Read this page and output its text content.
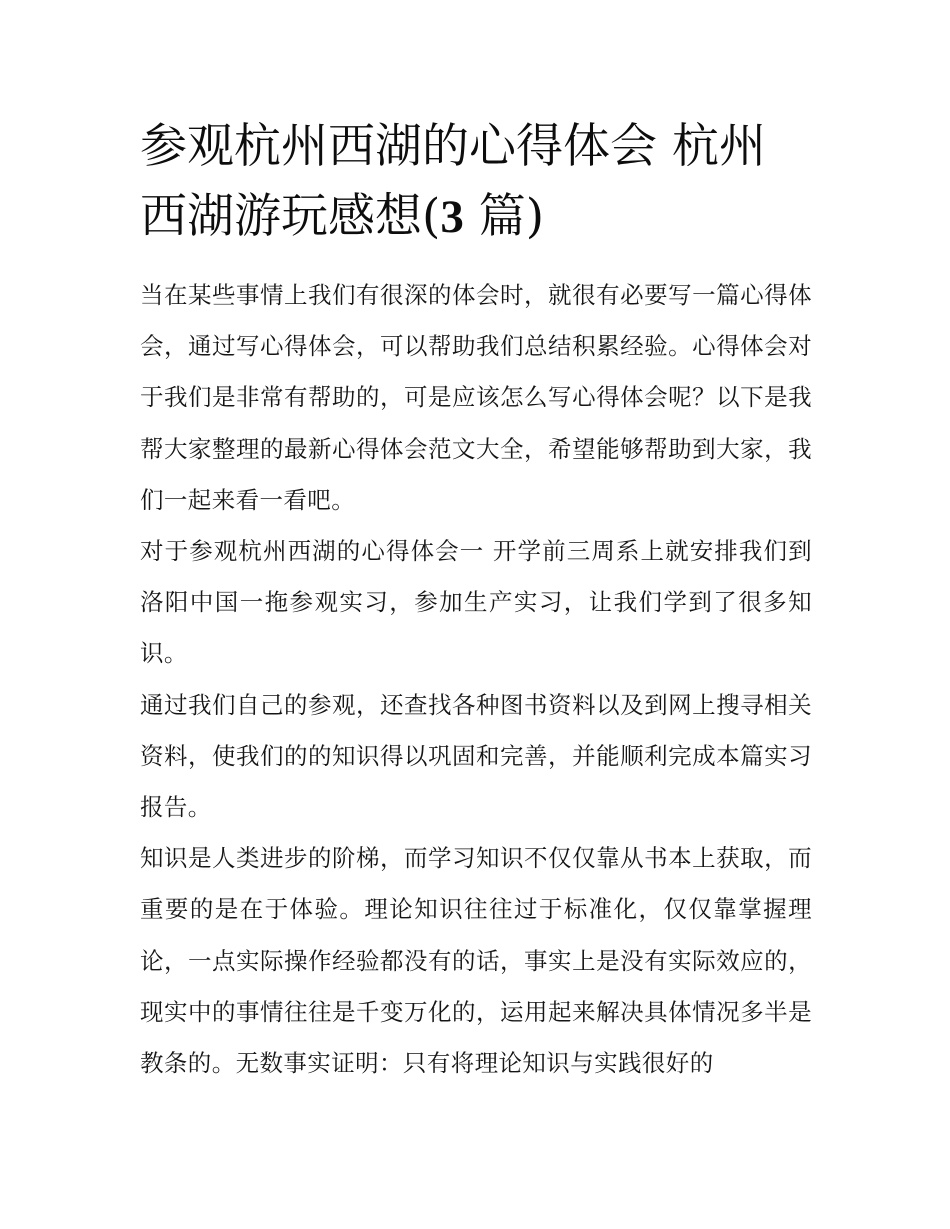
参观杭州西湖的心得体会 杭州西湖游玩感想(3 篇)

当在某些事情上我们有很深的体会时，就很有必要写一篇心得体会，通过写心得体会，可以帮助我们总结积累经验。心得体会对于我们是非常有帮助的，可是应该怎么写心得体会呢？以下是我帮大家整理的最新心得体会范文大全，希望能够帮助到大家，我们一起来看一看吧。

对于参观杭州西湖的心得体会一 开学前三周系上就安排我们到洛阳中国一拖参观实习，参加生产实习，让我们学到了很多知识。

通过我们自己的参观，还查找各种图书资料以及到网上搜寻相关资料，使我们的的知识得以巩固和完善，并能顺利完成本篇实习报告。

知识是人类进步的阶梯，而学习知识不仅仅靠从书本上获取，而重要的是在于体验。理论知识往往过于标准化，仅仅靠掌握理论，一点实际操作经验都没有的话，事实上是没有实际效应的，现实中的事情往往是千变万化的，运用起来解决具体情况多半是教条的。无数事实证明：只有将理论知识与实践很好的
